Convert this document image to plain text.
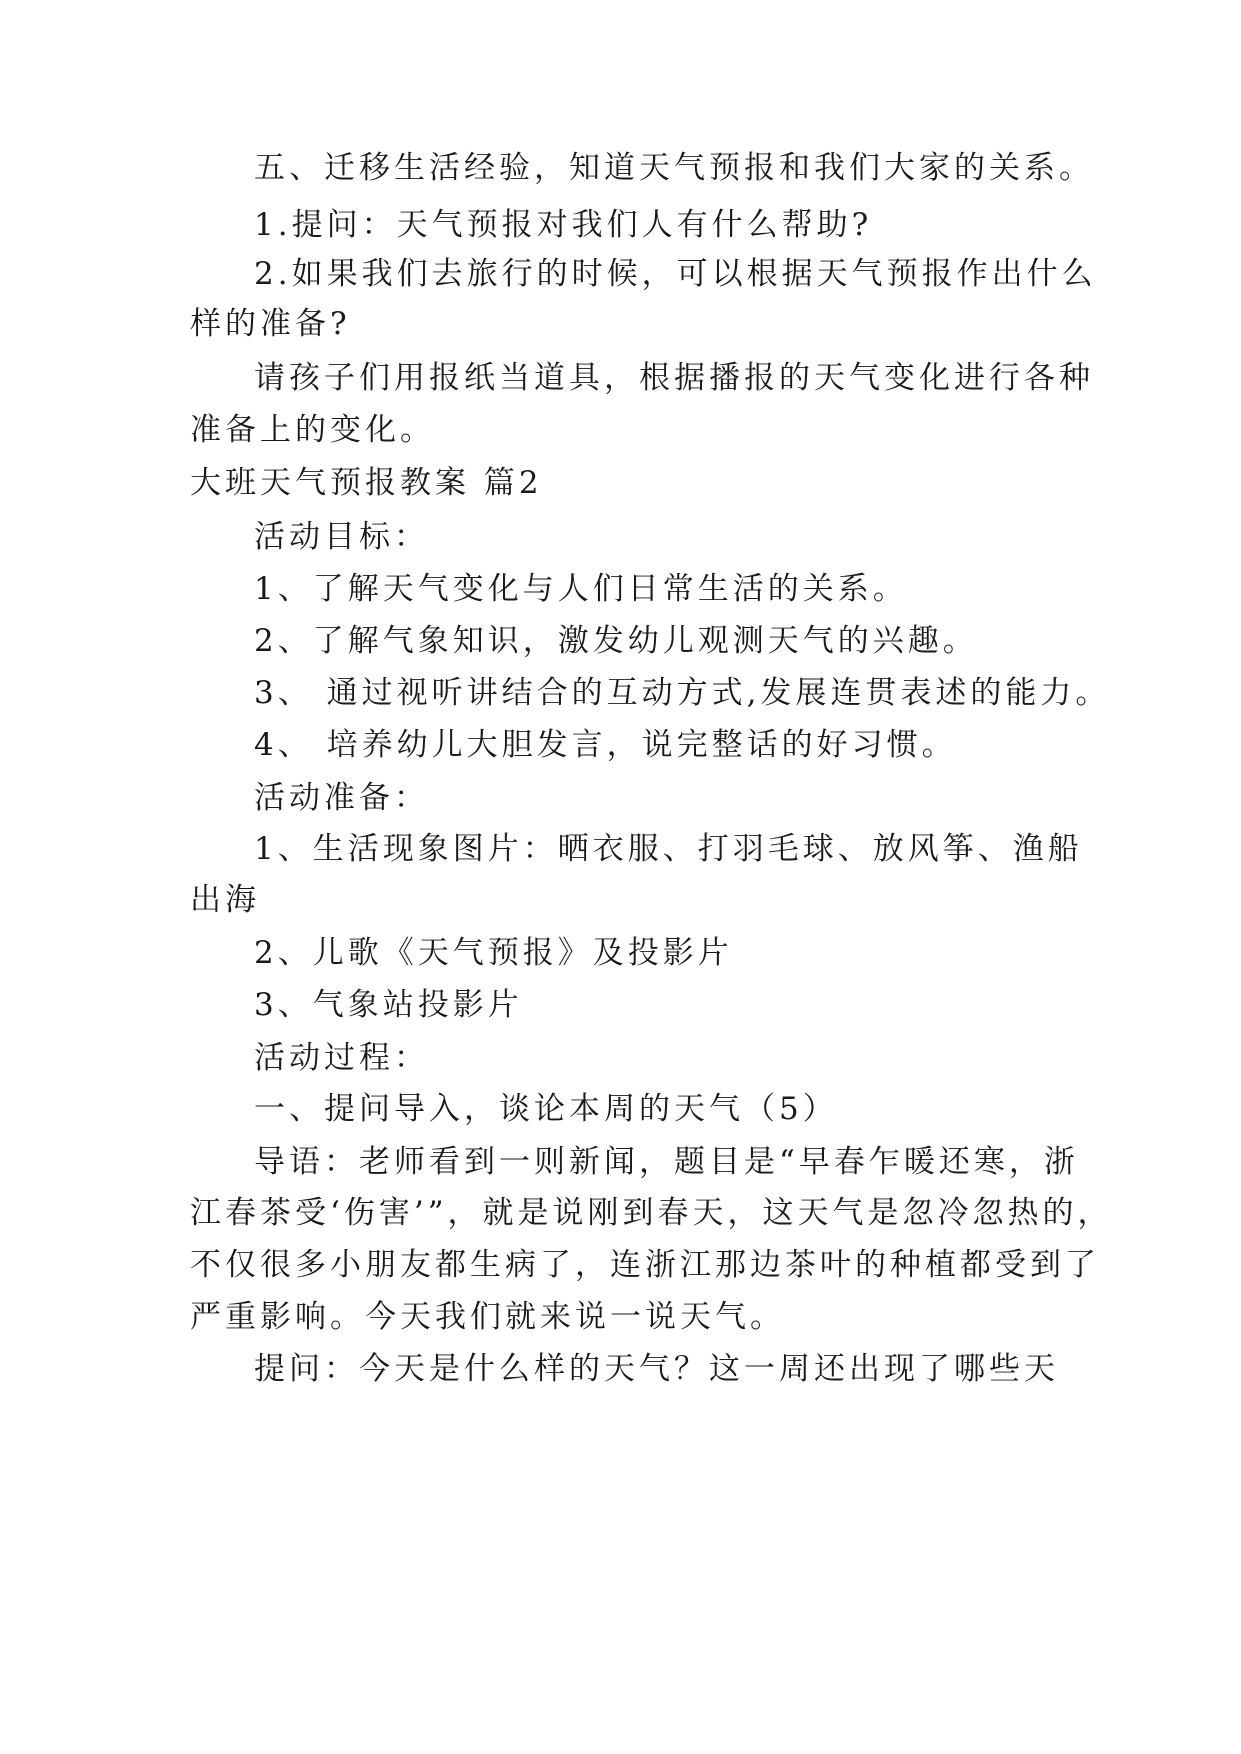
五、迁移生活经验，知道天气预报和我们大家的关系。
1.提问：天气预报对我们人有什么帮助?
2.如果我们去旅行的时候，可以根据天气预报作出什么
样的准备?
请孩子们用报纸当道具，根据播报的天气变化进行各种
准备上的变化。
大班天气预报教案 篇2
活动目标：
1、了解天气变化与人们日常生活的关系。
2、了解气象知识，激发幼儿观测天气的兴趣。
3、 通过视听讲结合的互动方式,发展连贯表述的能力。
4、 培养幼儿大胆发言，说完整话的好习惯。
活动准备：
1、生活现象图片：晒衣服、打羽毛球、放风筝、渔船
出海
2、儿歌《天气预报》及投影片
3、气象站投影片
活动过程：
一、提问导入，谈论本周的天气（5）
导语：老师看到一则新闻，题目是“早春乍暖还寒，浙
江春茶受‘伤害’”，就是说刚到春天，这天气是忽冷忽热的，
不仅很多小朋友都生病了，连浙江那边茶叶的种植都受到了
严重影响。今天我们就来说一说天气。
提问：今天是什么样的天气？这一周还出现了哪些天
